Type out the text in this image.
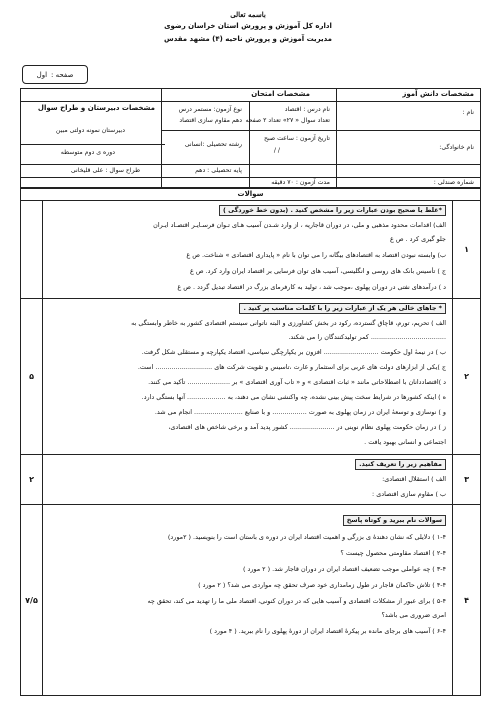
باسمه تعالی
اداره کل آموزش و پرورش استان خراسان رضوی
مدیریت آموزش و پرورش ناحیه (۴) مشهد مقدس
صفحه :
اول
مشخصات دانش آموز
نام :
نام خانوادگی:
شماره صندلی :
مشخصات امتحان
نام درس : اقتصاد
تعداد سوال « ۲۷» تعداد ۲ صفحه
نوع آزمون: مستمر درس
دهم مقاوم سازی اقتصاد
تاریخ آزمون : ساعت صبح
/ /
رشته تحصیلی :انسانی
مدت آزمون : ۷۰ دقیقه
پایه تحصیلی : دهم
مشخصات دبیرستان و طراح سوال
دبیرستان نمونه دولتی مبین
دوره ی دوم متوسطه
طراح سوال : علی قلیخانی
سوالات
۱
*غلط یا صحیح بودن عبارات زیر را مشخص کنید . (بدون خط خوردگی )
الف) اقدامات محدود مذهبی و ملی، در دوران قاجاریه ، از وارد شـدن آسیب هـای تـوان فرسـایـر اقتصـاد ایـران
جلو گیری کرد . ص غ
ب) وابسته نبودن اقتصاد به اقتصادهای بیگانه را می توان با نام « پایداری اقتصادی » شناخت. ص غ
ج ) تأسیس بانک های روسی و انگلیسی، آسیب های توان فرسایی بر اقتصاد ایران وارد کرد. ص غ
د ) درآمدهای نفتی در دوران پهلوی ،موجب شد ، تولید به کارفرمای بزرگ در اقتصاد تبدیل گردد . ص غ
۲
۵
* جاهای خالی هر یک از عبارات زیر را با کلمات مناسب پر کنید .
الف ) تحریم، تورم، قاچاق گسترده، رکود در بخش کشاورزی و البته ناتوانی سیستم اقتصادی کشور به خاطر وابستگی به
..................................... کمر تولیدکنندگان را می شکند.
ب ) در نیمهٔ اول حکومت ........................... افزون بر یکپارچگی سیاسی، اقتصاد یکپارچه و مستقلی شکل گرفت.
ج )یکی از ابزارهای دولت های غربی برای استثمار و غارت ،تاسیس و تقویت شرکت های ............................ است.
د )اقتصاددانان با اصطلاحاتی مانند « ثبات اقتصادی » و « تاب آوری اقتصادی » بر ..................... تأکید می کنند.
ه ) اینکه کشورها در شرایط سخت پیش بینی نشده، چه واکنشی نشان می دهند، به ................... آنها بستگی دارد.
و ) نوسازی و توسعهٔ ایران در زمان پهلوی به صورت ................. و با صنایع ........................ انجام می شد.
ز ) در زمان حکومت پهلوی نظام نوینی در ...................... کشور پدید آمد و برخی شاخص های اقتصادی،
اجتماعی و انسانی بهبود یافت .
۳
۲
مفاهیم زیر را تعریف کنید.
الف ) استقلال اقتصادی:
ب ) مقاوم سازی اقتصادی :
۴
۷/۵
سوالات نام ببرید و کوتاه پاسخ
۱-۴ ) دلایلی که نشان دهندهٔ ی بزرگی و اهمیت اقتصاد ایران در دوره ی باستان است را بنویسید. ( ۲مورد)
۲-۴ ) اقتصاد مقاومتی محصول چیست ؟
۳-۴ ) چه عواملی موجب تضعیف اقتصاد ایران در دوران قاجار شد. ( ۲ مورد )
۴-۴ ) تلاش حاکمان قاجار در طول زمامداری خود صرف تحقق چه مواردی می شد؟ ( ۲ مورد )
۵-۴ ) برای عبور از مشکلات اقتصادی و آسیب هایی که در دوران کنونی، اقتصاد ملی ما را تهدید می کند، تحقق چه
امری ضروری می باشد؟
۶-۴ ) آسیب های برجای مانده بر پیکرهٔ اقتصاد ایران از دورهٔ پهلوی را نام ببرید. ( ۴ مورد )
